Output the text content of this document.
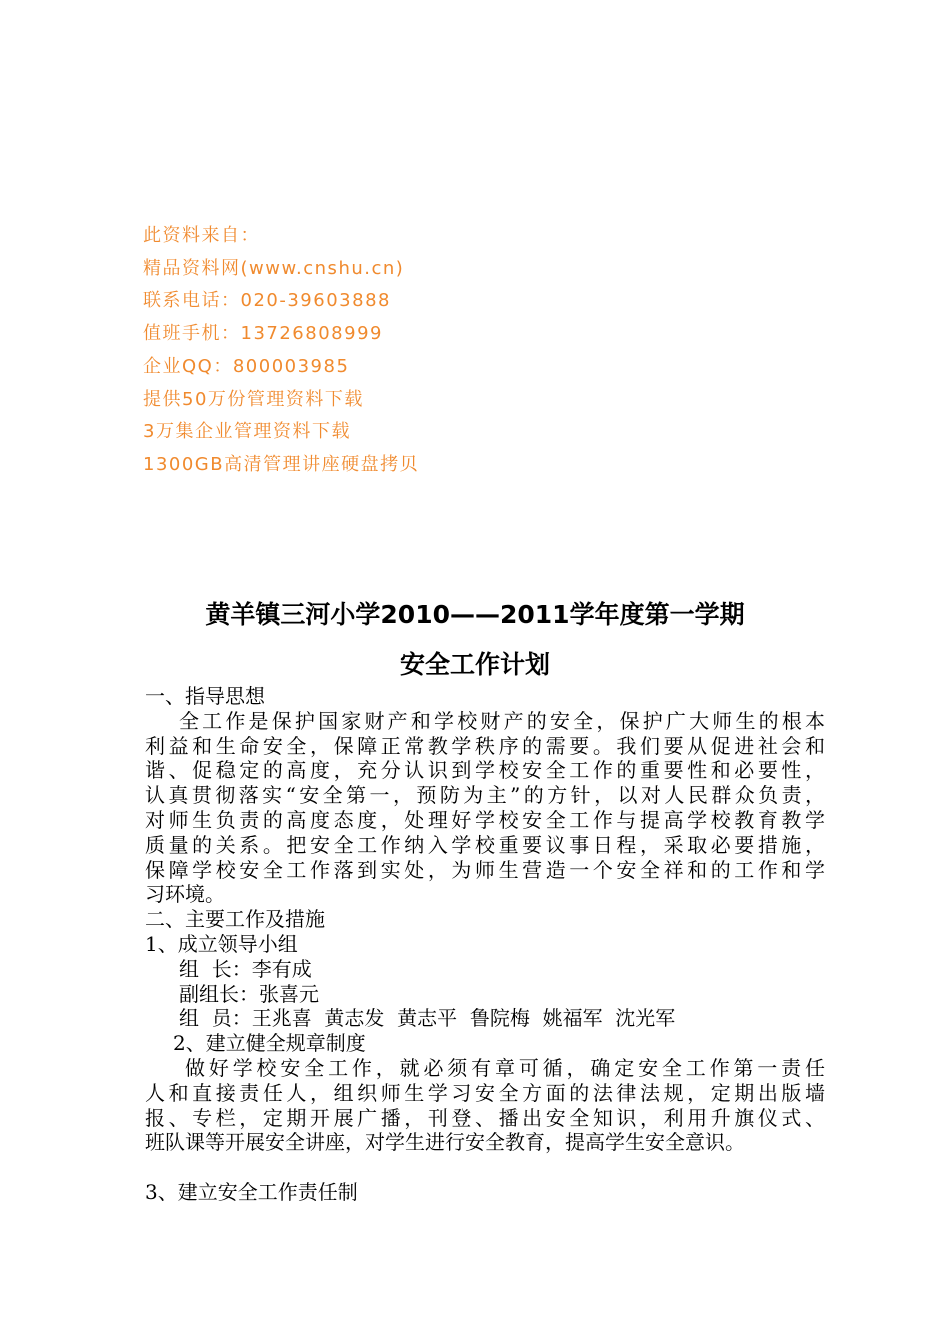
此资料来自：
精品资料网(www.cnshu.cn)
联系电话：020-39603888
值班手机：13726808999
企业QQ：800003985
提供50万份管理资料下载
3万集企业管理资料下载
1300GB高清管理讲座硬盘拷贝
黄羊镇三河小学2010——2011学年度第一学期
安全工作计划
一、指导思想
全工作是保护国家财产和学校财产的安全，保护广大师生的根本
利益和生命安全，保障正常教学秩序的需要。我们要从促进社会和
谐、促稳定的高度，充分认识到学校安全工作的重要性和必要性，
认真贯彻落实“安全第一，预防为主”的方针，以对人民群众负责，
对师生负责的高度态度，处理好学校安全工作与提高学校教育教学
质量的关系。把安全工作纳入学校重要议事日程，采取必要措施，
保障学校安全工作落到实处，为师生营造一个安全祥和的工作和学
习环境。
二、主要工作及措施
1、成立领导小组
组  长：李有成
副组长：张喜元
组  员：王兆喜  黄志发  黄志平  鲁院梅  姚福军  沈光军
2、建立健全规章制度
做好学校安全工作，就必须有章可循，确定安全工作第一责任
人和直接责任人，组织师生学习安全方面的法律法规，定期出版墙
报、专栏，定期开展广播，刊登、播出安全知识，利用升旗仪式、
班队课等开展安全讲座，对学生进行安全教育，提高学生安全意识。
3、建立安全工作责任制
